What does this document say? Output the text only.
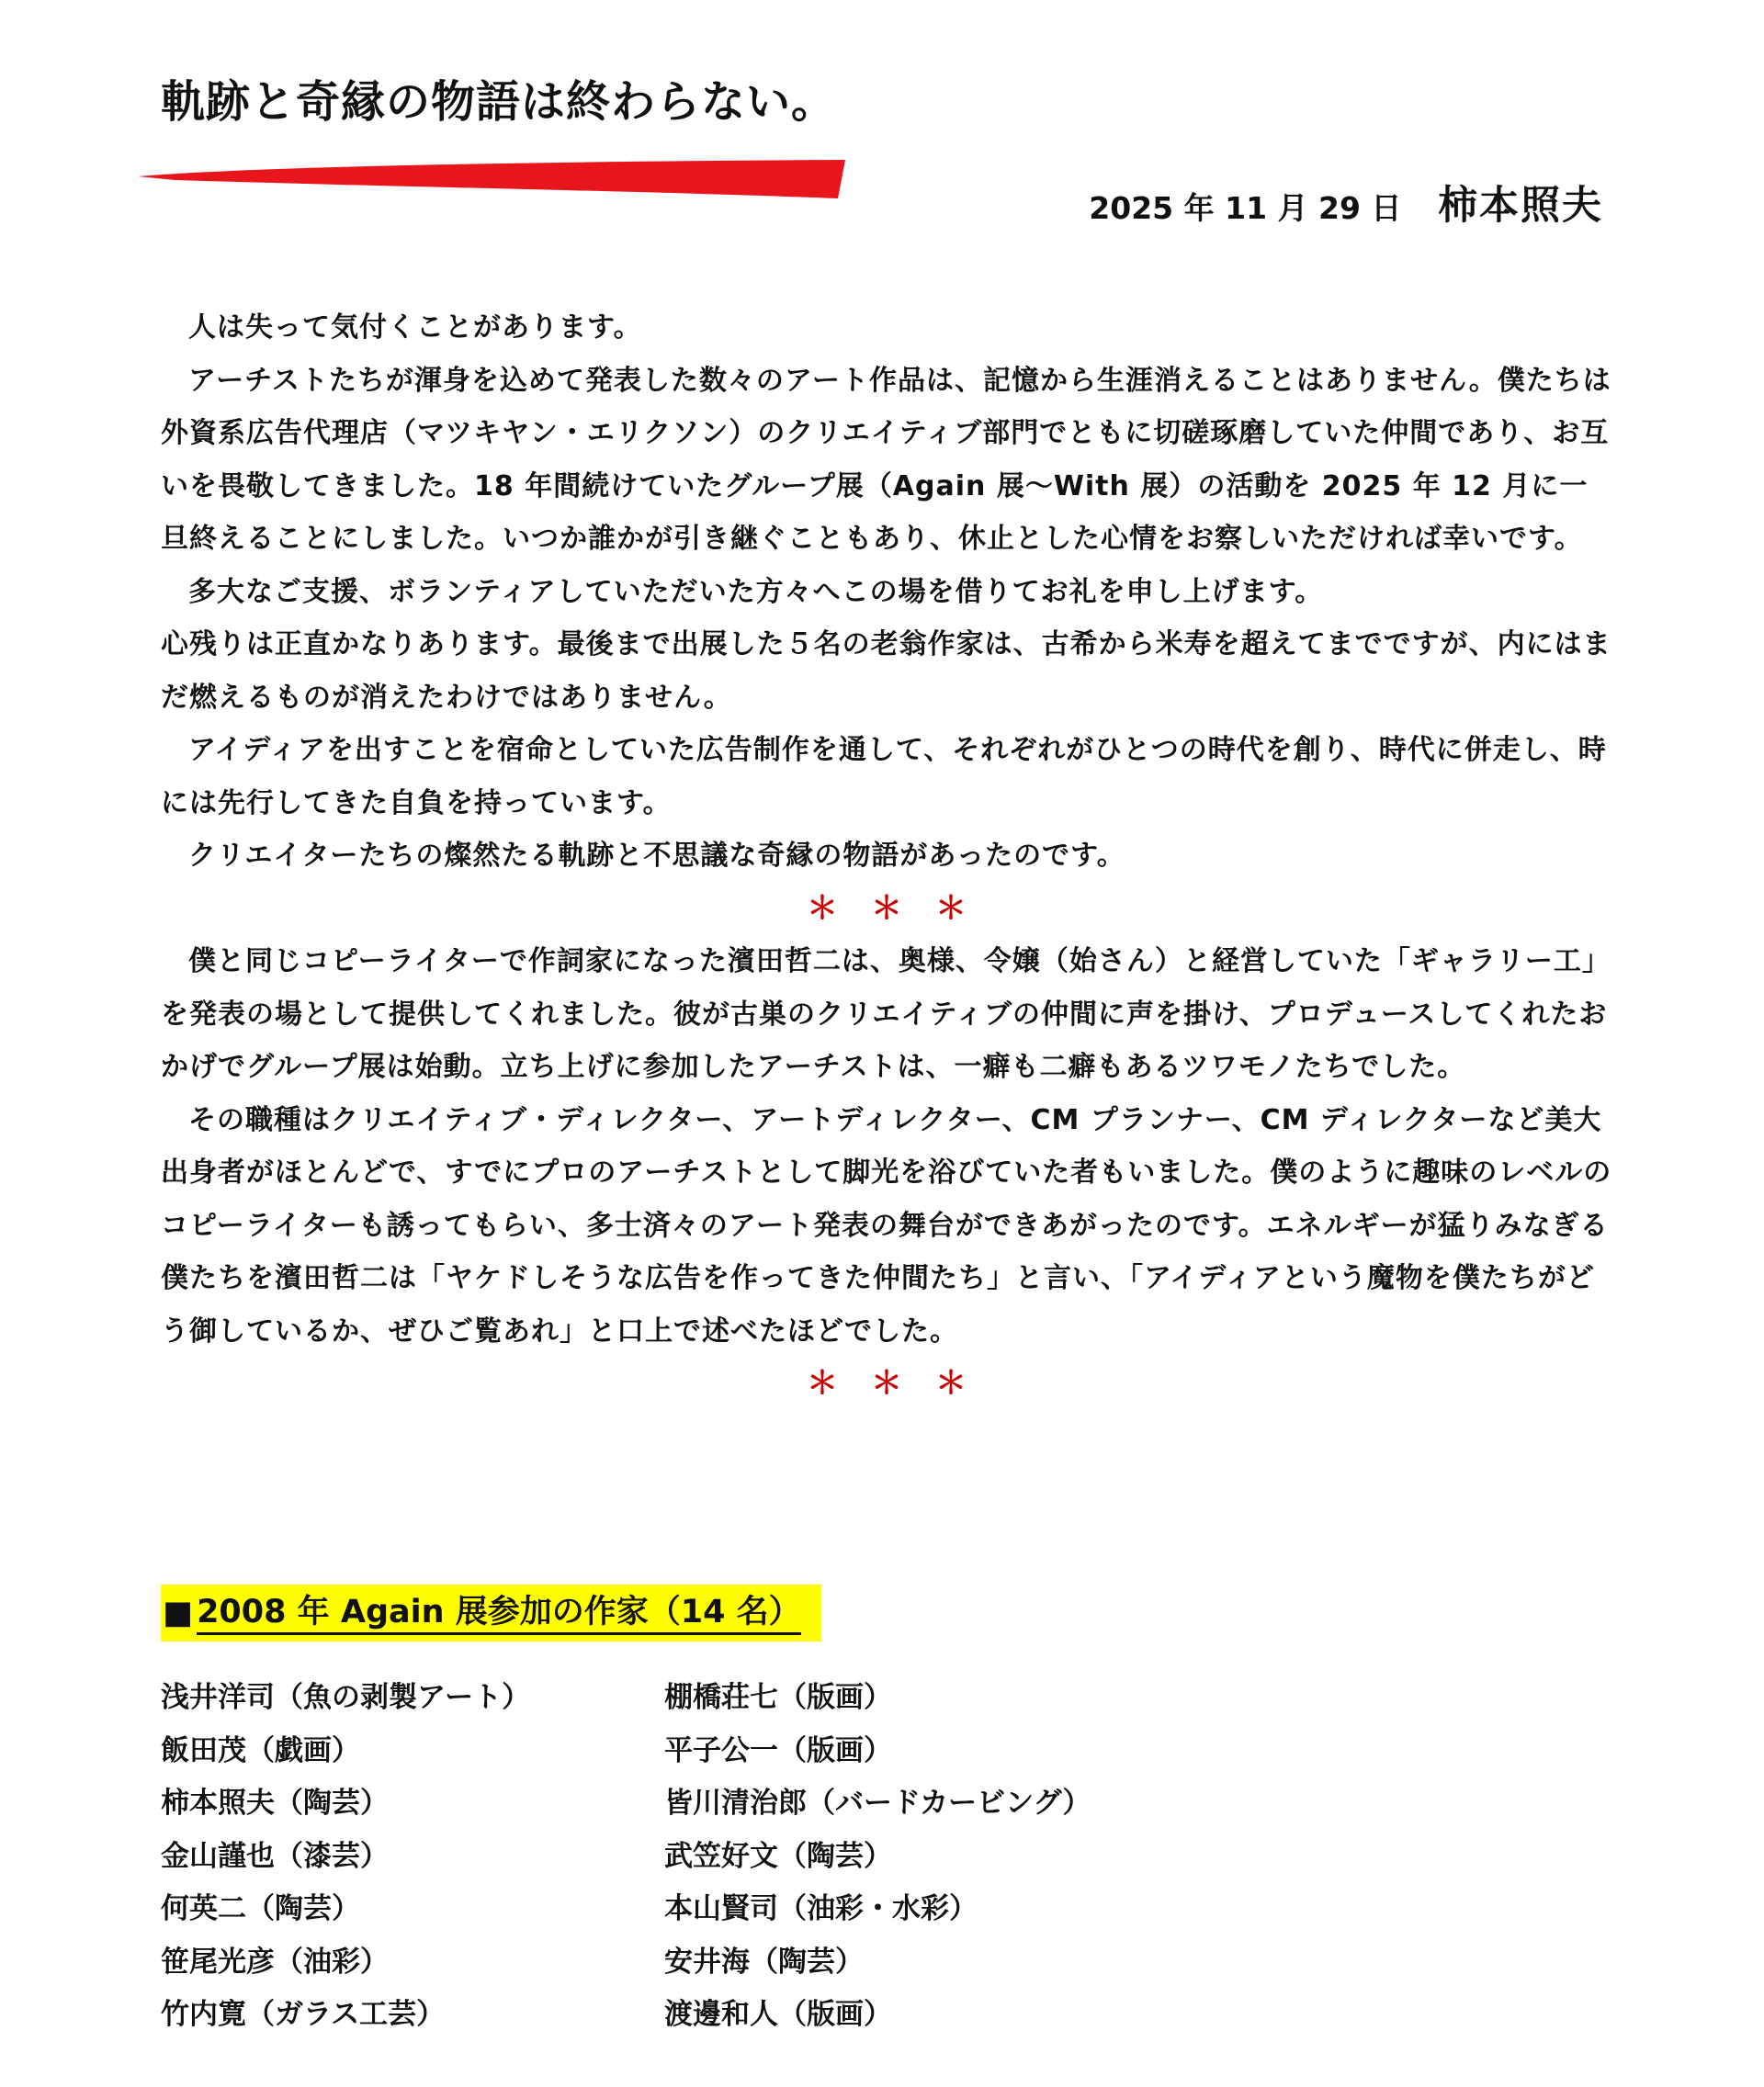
軌跡と奇縁の物語は終わらない。
2025 年 11 月 29 日 柿本照夫

人は失って気付くことがあります。

アーチストたちが渾身を込めて発表した数々のアート作品は、記憶から生涯消えることはありません。僕たちは外資系広告代理店（マツキヤン・エリクソン）のクリエイティブ部門でともに切磋琢磨していた仲間であり、お互いを畏敬してきました。18 年間続けていたグループ展（Again 展～With 展）の活動を 2025 年 12 月に一旦終えることにしました。いつか誰かが引き継ぐこともあり、休止とした心情をお察しいただければ幸いです。

多大なご支援、ボランティアしていただいた方々へこの場を借りてお礼を申し上げます。

心残りは正直かなりあります。最後まで出展した５名の老翁作家は、古希から米寿を超えてまでですが、内にはまだ燃えるものが消えたわけではありません。

アイディアを出すことを宿命としていた広告制作を通して、それぞれがひとつの時代を創り、時代に併走し、時には先行してきた自負を持っています。

クリエイターたちの燦然たる軌跡と不思議な奇縁の物語があったのです。

＊＊＊

僕と同じコピーライターで作詞家になった濱田哲二は、奥様、令嬢（始さん）と経営していた「ギャラリー工」を発表の場として提供してくれました。彼が古巣のクリエイティブの仲間に声を掛け、プロデュースしてくれたおかげでグループ展は始動。立ち上げに参加したアーチストは、一癖も二癖もあるツワモノたちでした。

その職種はクリエイティブ・ディレクター、アートディレクター、CM プランナー、CM ディレクターなど美大出身者がほとんどで、すでにプロのアーチストとして脚光を浴びていた者もいました。僕のように趣味のレベルのコピーライターも誘ってもらい、多士済々のアート発表の舞台ができあがったのです。エネルギーが猛りみなぎる僕たちを濱田哲二は「ヤケドしそうな広告を作ってきた仲間たち」と言い、「アイディアという魔物を僕たちがどう御しているか、ぜひご覧あれ」と口上で述べたほどでした。

＊＊＊
■ 2008 年 Again 展参加の作家（14 名）
浅井洋司（魚の剥製アート）	棚橋荘七（版画）
飯田茂（戯画）	平子公一（版画）
柿本照夫（陶芸）	皆川清治郎（バードカービング）
金山謹也（漆芸）	武笠好文（陶芸）
何英二（陶芸）	本山賢司（油彩・水彩）
笹尾光彦（油彩）	安井海（陶芸）
竹内寛（ガラス工芸）	渡邊和人（版画）
